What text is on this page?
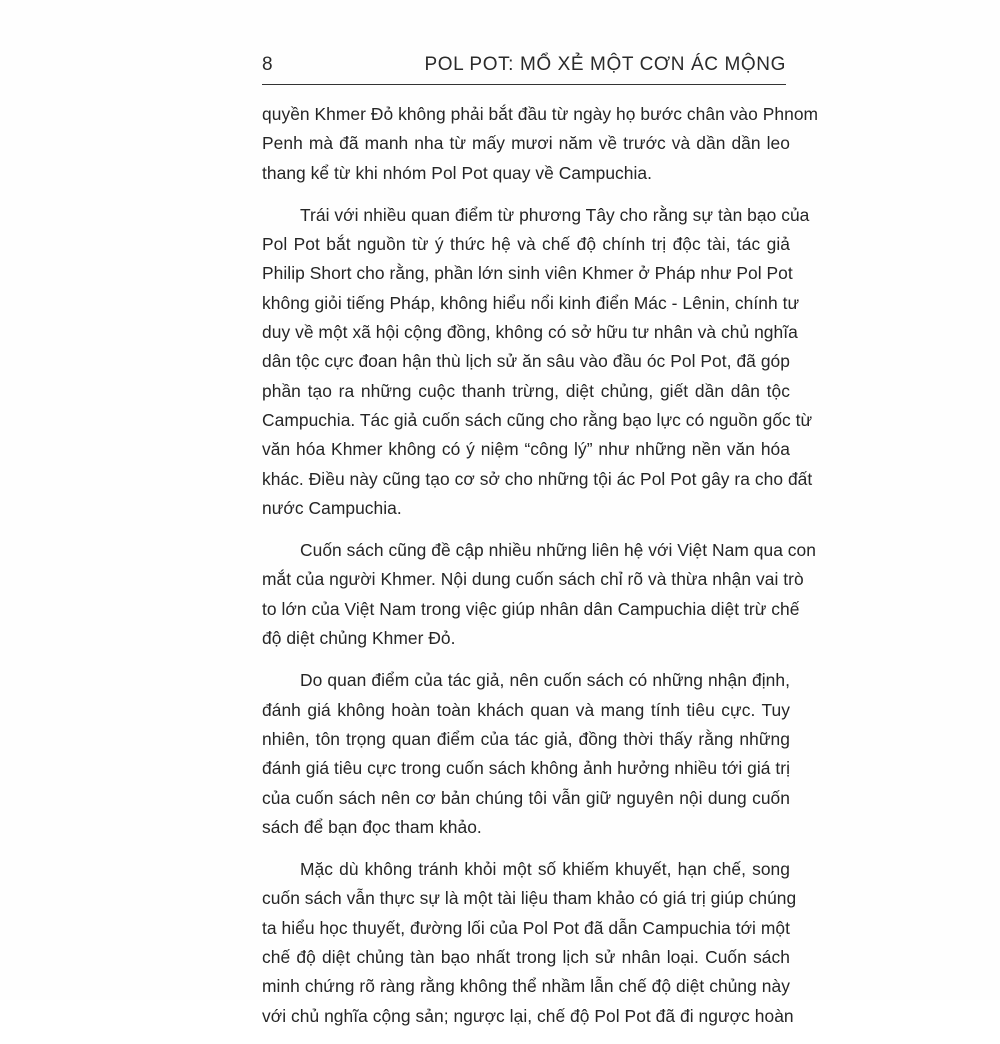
8	POL POT: MỔ XẺ MỘT CƠN ÁC MỘNG
quyền Khmer Đỏ không phải bắt đầu từ ngày họ bước chân vào Phnom
Penh mà đã manh nha từ mấy mươi năm về trước và dần dần leo
thang kể từ khi nhóm Pol Pot quay về Campuchia.
Trái với nhiều quan điểm từ phương Tây cho rằng sự tàn bạo của
Pol Pot bắt nguồn từ ý thức hệ và chế độ chính trị độc tài, tác giả
Philip Short cho rằng, phần lớn sinh viên Khmer ở Pháp như Pol Pot
không giỏi tiếng Pháp, không hiểu nổi kinh điển Mác - Lênin, chính tư
duy về một xã hội cộng đồng, không có sở hữu tư nhân và chủ nghĩa
dân tộc cực đoan hận thù lịch sử ăn sâu vào đầu óc Pol Pot, đã góp
phần tạo ra những cuộc thanh trừng, diệt chủng, giết dần dân tộc
Campuchia. Tác giả cuốn sách cũng cho rằng bạo lực có nguồn gốc từ
văn hóa Khmer không có ý niệm “công lý” như những nền văn hóa
khác. Điều này cũng tạo cơ sở cho những tội ác Pol Pot gây ra cho đất
nước Campuchia.
Cuốn sách cũng đề cập nhiều những liên hệ với Việt Nam qua con
mắt của người Khmer. Nội dung cuốn sách chỉ rõ và thừa nhận vai trò
to lớn của Việt Nam trong việc giúp nhân dân Campuchia diệt trừ chế
độ diệt chủng Khmer Đỏ.
Do quan điểm của tác giả, nên cuốn sách có những nhận định,
đánh giá không hoàn toàn khách quan và mang tính tiêu cực. Tuy
nhiên, tôn trọng quan điểm của tác giả, đồng thời thấy rằng những
đánh giá tiêu cực trong cuốn sách không ảnh hưởng nhiều tới giá trị
của cuốn sách nên cơ bản chúng tôi vẫn giữ nguyên nội dung cuốn
sách để bạn đọc tham khảo.
Mặc dù không tránh khỏi một số khiếm khuyết, hạn chế, song
cuốn sách vẫn thực sự là một tài liệu tham khảo có giá trị giúp chúng
ta hiểu học thuyết, đường lối của Pol Pot đã dẫn Campuchia tới một
chế độ diệt chủng tàn bạo nhất trong lịch sử nhân loại. Cuốn sách
minh chứng rõ ràng rằng không thể nhầm lẫn chế độ diệt chủng này
với chủ nghĩa cộng sản; ngược lại, chế độ Pol Pot đã đi ngược hoàn
